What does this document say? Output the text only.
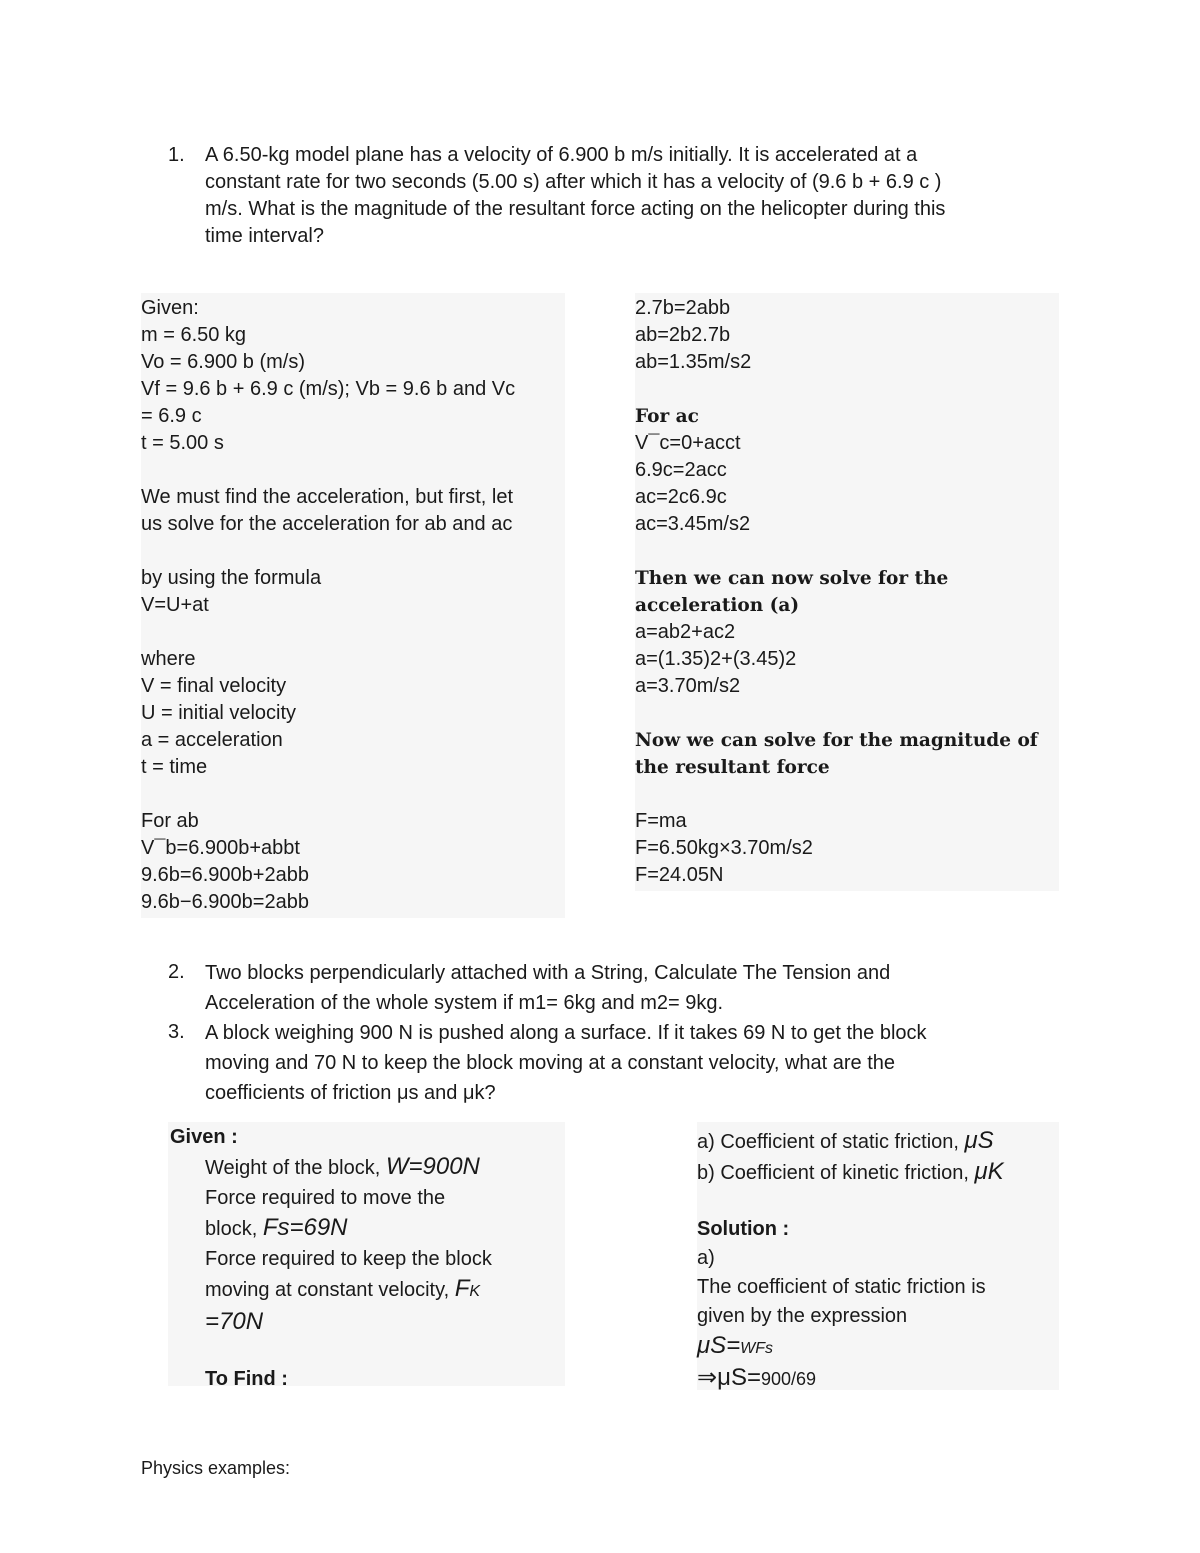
1.	A 6.50-kg model plane has a velocity of 6.900 b m/s initially. It is accelerated at a
constant rate for two seconds (5.00 s) after which it has a velocity of (9.6 b + 6.9 c )
m/s. What is the magnitude of the resultant force acting on the helicopter during this
time interval?
Given:
m = 6.50 kg
Vo = 6.900 b (m/s)
Vf = 9.6 b + 6.9 c (m/s); Vb = 9.6 b and Vc
= 6.9 c
t = 5.00 s
We must find the acceleration, but first, let
us solve for the acceleration for ab and ac
by using the formula
V=U+at
where
V = final velocity
U = initial velocity
a = acceleration
t = time
For ab
V¯b=6.900b+abbt
9.6b=6.900b+2abb
9.6b−6.900b=2abb
2.7b=2abb
ab=2b2.7b
ab=1.35m/s2
For ac
V¯c=0+acct
6.9c=2acc
ac=2c6.9c
ac=3.45m/s2
Then we can now solve for the
acceleration (a)
a=ab2+ac2
a=(1.35)2+(3.45)2
a=3.70m/s2
Now we can solve for the magnitude of
the resultant force
F=ma
F=6.50kg×3.70m/s2
F=24.05N
2.	Two blocks perpendicularly attached with a String, Calculate The Tension and
Acceleration of the whole system if m1= 6kg and m2= 9kg.
3.	A block weighing 900 N is pushed along a surface. If it takes 69 N to get the block
moving and 70 N to keep the block moving at a constant velocity, what are the
coefficients of friction μs and μk?
Given :
Weight of the block, W=900N
Force required to move the
block, Fs=69N
Force required to keep the block
moving at constant velocity, FK
=70N
To Find :
a) Coefficient of static friction, μS
b) Coefficient of kinetic friction, μK
Solution :
a)
The coefficient of static friction is
given by the expression
μS=WFs
⇒μS=900/69
Physics examples:
